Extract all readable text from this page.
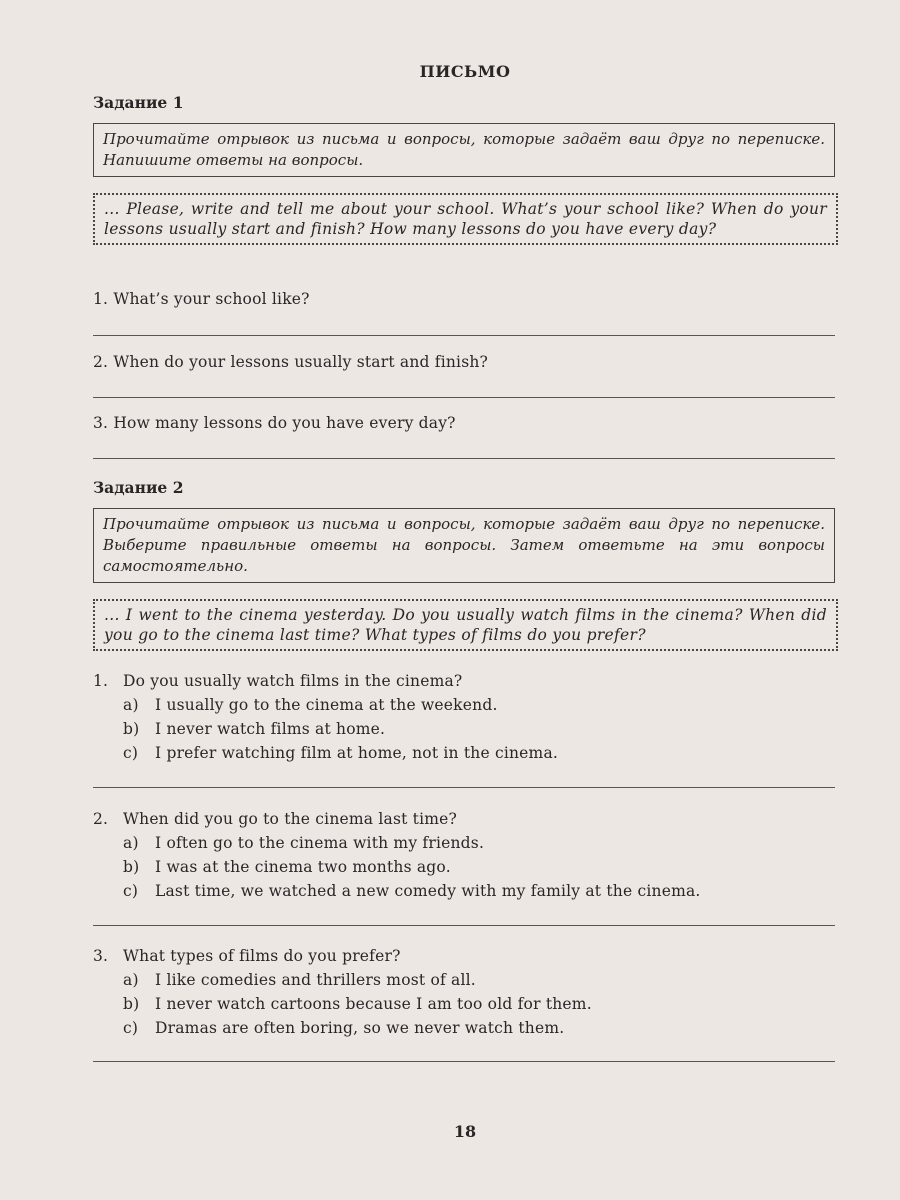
ПИСЬМО
Задание 1
Прочитайте отрывок из письма и вопросы, которые задаёт ваш друг по переписке. Напишите ответы на вопросы.
... Please, write and tell me about your school. What’s your school like? When do your lessons usually start and finish? How many lessons do you have every day?
1. What’s your school like?
2. When do your lessons usually start and finish?
3. How many lessons do you have every day?
Задание 2
Прочитайте отрывок из письма и вопросы, которые задаёт ваш друг по переписке. Выберите правильные ответы на вопросы. Затем ответьте на эти вопросы самостоятельно.
... I went to the cinema yesterday. Do you usually watch films in the cinema? When did you go to the cinema last time? What types of films do you prefer?
1. Do you usually watch films in the cinema?
a)	I usually go to the cinema at the weekend.
b)	I never watch films at home.
c)	I prefer watching film at home, not in the cinema.
2. When did you go to the cinema last time?
a)	I often go to the cinema with my friends.
b)	I was at the cinema two months ago.
c)	Last time, we watched a new comedy with my family at the cinema.
3. What types of films do you prefer?
a)	I like comedies and thrillers most of all.
b)	I never watch cartoons because I am too old for them.
c)	Dramas are often boring, so we never watch them.
18
